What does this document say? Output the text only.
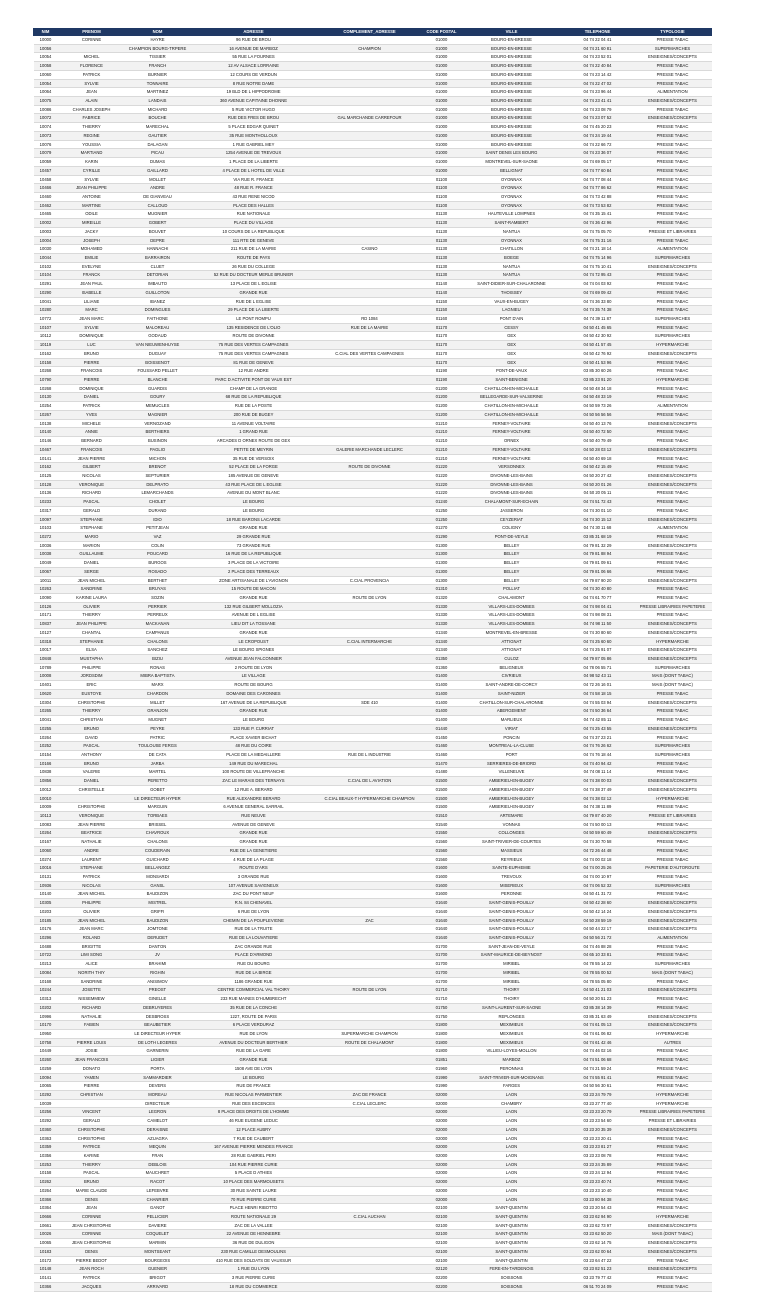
NIM	PRENOM	NOM	ADRESSE	COMPLEMENT_ADRESSE	CODE POSTAL	VILLE	TELEPHONE	TYPOLOGIE
10000	CORINNE	HAYRE	96 RUE DE BROU		01000	BOURG-EN-BRESSE	04 74 22 04 41	PRESSE TABAC
10056		CHAMPION BOURG-TRPERE	16 AVENUE DE MARBOZ	CHAMPION	01000	BOURG-EN-BRESSE	04 74 21 60 81	SUPERMARCHES
10054	MICHEL	TISSIER	55 RUE LA FOURNES		01000	BOURG-EN-BRESSE	04 74 23 52 01	ENSEIGNES/CONCEPTS
10058	FLORENCE	FRANCH	12 AV ALSACE LORRAINE		01000	BOURG-EN-BRESSE	04 74 22 40 84	PRESSE TABAC
10060	PATRICK	BURNIER	12 COURS DE VERDUN		01000	BOURG-EN-BRESSE	04 74 23 14 42	PRESSE TABAC
10054	SYLVIE	TONNAIRE	8 RUE NOTRE DAME		01000	BOURG-EN-BRESSE	04 74 22 47 02	PRESSE TABAC
10064	JEAN	MARTINEZ	19 BLD DE L HIPPODROME		01000	BOURG-EN-BRESSE	04 74 23 96 44	ALIMENTATION
10075	ALAIN	LANDAIS	360 AVENUE CAPITAINE DHONNE		01000	BOURG-EN-BRESSE	04 74 23 41 41	ENSEIGNES/CONCEPTS
10086	CHARLES JOSEPH	MICHARD	5 RUE VICTOR HUGO		01000	BOURG-EN-BRESSE	04 74 23 08 79	PRESSE TABAC
10072	FABRICE	BOUCHE	RUE DES FRES DE BROU	GAL MARCHANDE CARREFOUR	01000	BOURG-EN-BRESSE	04 74 23 07 52	ENSEIGNES/CONCEPTS
10074	THIERRY	MARECHAL	5 PLACE EDGAR QUINET		01000	BOURG-EN-BRESSE	04 74 45 20 23	PRESSE TABAC
10073	REGINE	GAUTIER	35 RUE MONTHOLLOUX		01000	BOURG-EN-BRESSE	04 74 24 19 44	PRESSE TABAC
10076	YOUSSIA	DALAGAN	1 RUE GABRIEL MEY		01000	BOURG-EN-BRESSE	04 74 22 66 72	PRESSE TABAC
10079	MARTIAND	PICAU	1254 AVENUE DE TREVOUX		01000	SAINT DENIS LES BOURG	04 74 23 36 07	PRESSE TABAC
10059	KARIN	DUMAS	1 PLACE DE LA LIBERTE		01000	MONTREVEL-SUR-SAONE	04 74 69 05 17	PRESSE TABAC
10457	CYRILLE	GAILLARD	4 PLACE DE L HOTEL DE VILLE		01000	BELLIGNAT	04 74 77 60 84	PRESSE TABAC
10458	SYLVIE	MOLLET	VIA RUE R. FRANCE		01100	OYONNAX	04 74 77 08 44	PRESSE TABAC
10466	JEAN PHILIPPE	ANDRE	48 RUE R. FRANCE		01100	OYONNAX	04 74 77 86 62	PRESSE TABAC
10460	ANTOINE	DE GIANVEAU	43 RUE RENE NICOD		01100	OYONNAX	04 74 73 42 88	PRESSE TABAC
10462	MARTINE	CALLOUD	PLACE DES HALLES		01100	OYONNAX	04 74 73 53 82	PRESSE TABAC
10465	ODILE	MUGNIER	RUE NATIONALE		01130	HAUTEVILLE LOMPNES	04 74 35 15 41	PRESSE TABAC
10002	MIREILLE	GOBERT	PLACE DU VILLAGE		01130	SAINT-RAMBERT	04 74 36 42 96	PRESSE TABAC
10003	JACKY	BOUVET	10 COURS DE LA REPUBLIQUE		01130	NANTUA	04 74 75 05 70	PRESSE ET LIBRAIRIES
10004	JOSEPH	DEPRE	111 RTE DE GENEVE		01130	OYONNAX	04 74 75 31 16	PRESSE TABAC
10030	MOHAMED	HANNACHI	211 RUE DE LA MAIRIE	CASINO	01130	CHATILLON	04 74 21 18 14	ALIMENTATION
10044	EMILIE	BARRAIRON	ROUTE DE PAYS		01130	BOEGE	04 74 75 14 96	SUPERMARCHES
10102	EVELYNE	CLUET	26 RUE DU COLLEGE		01130	NANTUA	04 74 75 10 41	ENSEIGNES/CONCEPTS
10104	FRANCK	DETORIAN	52 RUE DU DOCTEUR MERLE BRUNIER		01130	NANTUA	04 74 72 95 43	PRESSE TABAC
10291	JEAN PAUL	IMBAUTO	13 PLACE DE L EGLISE		01140	SAINT-DIDIER-SUR-CHALARONNE	04 74 04 03 92	PRESSE TABAC
10290	ISABELLE	GUILLOTON	GRANDE RUE		01140	THOISSEY	04 74 69 09 42	PRESSE TABAC
10041	LILIANE	IBANEZ	RUE DE L EGLISE		01150	VAUX-EN-BUGEY	04 74 36 33 80	PRESSE TABAC
10280	MARC	DOMINGUES	29 PLACE DE LA LIBERTE		01150	LAGNIEU	04 74 35 74 38	PRESSE TABAC
10772	JEAN MARC	FAITHONE	LE PONT ROMPU	RD 1084	01160	PONT D'AIN	04 74 39 11 87	SUPERMARCHES
10107	SYLVIE	MALOREAU	135 RESIDENCE DE L'OLIO	RUE DE LA MAIRIE	01170	CESSY	04 50 41 45 65	PRESSE TABAC
10112	DOMINIQUE	GODAUD	ROUTE DE DIVONNE		01170	GEX	04 50 42 30 92	SUPERMARCHES
10119	LUC	VAN NIEUWENHUYSE	75 RUE DES VERTES CAMPAGNES		01170	GEX	04 50 41 57 45	HYPERMARCHE
10162	BRUNO	DUGUAY	75 RUE DES VERTES CAMPAGNES	C.CIAL DES VERTES CAMPAGNES	01170	GEX	04 50 42 76 92	ENSEIGNES/CONCEPTS
10158	PIERRE	BOISSENOT	81 RUE DE GENEVE		01170	GEX	04 50 41 53 96	PRESSE TABAC
10268	FRANCOIS	FOUSSARD PELLET	12 RUE ANDRE		01190	PONT-DE-VAUX	03 85 30 60 26	PRESSE TABAC
10790	PIERRE	BLANCHE	PARC D ACTIVITE PONT DE VAUX EST		01190	SAINT-BENIGNE	03 85 23 91 20	HYPERMARCHE
10268	DOMINIQUE	GUARDIS	CHAMP DE LA GRANGE		01200	CHATILLON-EN-MICHAILLE	04 50 48 34 18	PRESSE TABAC
10130	DANIEL	GOURY	68 RUE DE LA REPUBLIQUE		01200	BELLEGARDE-SUR-VALSERINE	04 50 48 33 19	PRESSE TABAC
10254	PATRICK	MEMUCLES	RUE DE LA POSTE		01200	CHATILLON-EN-MICHAILLE	04 50 59 73 26	ALIMENTATION
10267	YVES	MAGNIER	200 RUE DE BUGEY		01200	CHATILLON-EN-MICHAILLE	04 50 56 56 56	PRESSE TABAC
10138	MICHELE	VERNOZAND	11 AVENUE VOLTAIRE		01210	FERNEY-VOLTAIRE	04 50 40 13 76	ENSEIGNES/CONCEPTS
10140	ANNIE	BERTHIERS	1 GRAND RUE		01210	FERNEY-VOLTAIRE	04 50 40 72 50	PRESSE TABAC
10146	BERNARD	BUSINON	ARCADES D ORNEX ROUTE DE GEX		01210	ORNEX	04 50 40 79 49	PRESSE TABAC
10467	FRANCOIS	PAGLIO	PETITE DE MEYRIN	GALERIE MARCHANDE LECLERC	01210	FERNEY-VOLTAIRE	04 50 28 03 12	ENSEIGNES/CONCEPTS
10141	JEAN PIERRE	MICHON	35 RUE DE VERSOIX		01210	FERNEY-VOLTAIRE	04 50 40 69 18	PRESSE TABAC
10162	GILBERT	BRENOT	52 PLACE DE LA FORGE	ROUTE DE DIVONNE	01220	VERSONNEX	04 50 42 15 49	PRESSE TABAC
10125	NICOLAS	SEPTURIER	185 AVENUE DE GENEVE		01220	DIVONNE-LES-BAINS	04 50 20 27 42	ENSEIGNES/CONCEPTS
10128	VERONIQUE	DELPRATO	43 RUE PLACE DE L EGLISE		01220	DIVONNE-LES-BAINS	04 50 20 01 26	ENSEIGNES/CONCEPTS
10136	RICHARD	LEMARCHANDS	AVENUE DU MONT BLANC		01220	DIVONNE-LES-BAINS	04 50 20 05 11	PRESSE TABAC
10233	PASCAL	CHOLET	LE BOURG		01240	CHALAMONT-SUR-ECHAIN	04 74 51 72 43	PRESSE TABAC
10317	GERALD	DURAND	LE BOURG		01250	JASSERON	04 74 30 01 10	PRESSE TABAC
10097	STEPHANE	IDIO	18 RUE BARONS LACARDE		01250	CEYZERIAT	04 74 30 15 12	ENSEIGNES/CONCEPTS
10103	STEPHANE	PETITJEAN	GRANDE RUE		01270	COLIGNY	04 74 30 11 68	ALIMENTATION
10272	MARIO	VAZ	29 GRANDE RUE		01290	PONT-DE-VEYLE	03 85 31 68 19	PRESSE TABAC
10036	MARION	COLIN	73 GRANDE RUE		01300	BELLEY	04 79 81 32 29	ENSEIGNES/CONCEPTS
10038	GUILLAUME	POUCARD	16 RUE DE LA REPUBLIQUE		01300	BELLEY	04 79 81 88 94	PRESSE TABAC
10049	DANIEL	BURGOS	3 PLACE DE LA VICTOIRE		01300	BELLEY	04 79 81 09 61	PRESSE TABAC
10067	SERGE	ROSADO	2 PLACE DES TERREAUX		01300	BELLEY	04 79 81 06 66	PRESSE TABAC
10011	JEAN MICHEL	BERTHET	ZONE ARTISANALE DE L'AVIGNON	C.CIAL PROVENCIA	01300	BELLEY	04 79 87 90 20	ENSEIGNES/CONCEPTS
10263	SANDRINE	BRUYAS	15 ROUTE DE MACON		01310	POLLIAT	04 74 30 40 80	PRESSE TABAC
10090	KARINE LAURA	SOZIN	GRANDE RUE	ROUTE DE LYON	01320	CHALAMONT	04 74 61 70 77	PRESSE TABAC
10126	OLIVIER	PERRIER	132 RUE GILBERT MOLLOZIA		01330	VILLARS-LES-DOMBES	04 74 98 04 41	PRESSE LIBRAIRIES PAPETERIE
10171	THIERRY	PERREUX	AVENUE DE L EGLISE		01330	VILLARS-LES-DOMBES	04 74 98 08 31	PRESSE TABAC
10837	JEAN PHILIPPE	MACKANAN	LIEU DIT LA TOSSANE		01330	VILLARS-LES-DOMBES	04 74 98 11 50	ENSEIGNES/CONCEPTS
10127	CHANTAL	CAMPANUS	GRANDE RUE		01340	MONTREVEL-EN-BRESSE	04 74 30 80 60	ENSEIGNES/CONCEPTS
10318	STEPHANIE	CHALONS	LE CROPOUST	C.CIAL INTERMARCHE	01340	ATTIGNAT	04 74 25 60 60	HYPERMARCHE
10017	ELSA	SANCHEZ	LE BOURG SPIGNES		01340	ATTIGNAT	04 74 25 91 07	ENSEIGNES/CONCEPTS
10848	MUSTAPHA	BIZIU	AVENUE JEAN FALCONNIER		01350	CULOZ	04 79 87 05 86	ENSEIGNES/CONCEPTS
10789	PHILIPPE	RONAS	2 ROUTE DE LYON		01360	BELIGNEUX	04 78 06 55 71	SUPERMARCHES
10008	JORDSDIM	MIBRA BAPTISTA	LE VILLAGE		01400	CIVRIEUX	04 98 52 43 11	MAIS (DONT TABAC)
10401	ERIC	MARX	ROUTE DE BOURG		01400	SAINT-ANDRE-DE-CORCY	04 72 26 16 01	MAIS (DONT TABAC)
10620	EUSTOYE	CHARDON	DOMAINE DES CARONNES		01400	SAINT-NIZIER	04 74 58 18 15	PRESSE TABAC
10304	CHRISTOPHE	MILLET	167 AVENUE DE LA REPUBLIQUE	SDE 410	01400	CHATILLON-SUR-CHALARONNE	04 74 55 03 94	ENSEIGNES/CONCEPTS
10265	THIERRY	GRANJON	GRANDE RUE		01400	ABERGEMENT	04 74 50 36 64	PRESSE TABAC
10041	CHRISTIAN	MUGNET	LE BOURG		01400	MARLIEUX	04 74 42 85 11	PRESSE TABAC
10255	BRUNO	PEYRE	133 RUE P. CURRIAT		01440	VIRIAT	04 74 25 43 55	ENSEIGNES/CONCEPTS
10264	DAVID	PATRIC	PLACE XAVIER BICHAT		01450	PONCIN	04 74 37 23 21	PRESSE TABAC
10252	PASCAL	TOULOUSE FERGS	48 RUE DU COIRE		01460	MONTREAL-LA-CLUSE	04 74 76 26 62	SUPERMARCHES
10154	ANTHONY	DE CATA	PLACE DE LA MEDAILLERE	RUE DE L INDUSTRIE	01460	PORT	04 74 76 18 44	SUPERMARCHES
10166	BRUNO	JARBA	149 RUE DU MARECHAL		01470	SERRIERES-DE-BRIORD	04 74 40 94 42	PRESSE TABAC
10838	VALERIE	MARTEL	100 ROUTE DE VILLEFRANCHE		01480	VILLENEUVE	04 74 08 11 14	PRESSE TABAC
10856	DANIEL	PERETTO	ZAC LE MARAIS DES TERNAYS	C.CIAL DE L AVIATION	01500	AMBERIEU-EN-BUGEY	04 74 38 00 03	ENSEIGNES/CONCEPTS
10012	CHRISTELLE	GOBET	12 RUE A. BERARD		01500	AMBERIEU-EN-BUGEY	04 74 38 37 49	ENSEIGNES/CONCEPTS
10010		LE DIRECTEUR HYPER	RUE ALEXANDRE BERARD	C.CIAL BEAUX-T HYPERMARCHE CHAMPION	01500	AMBERIEU-EN-BUGEY	04 74 38 02 12	HYPERMARCHE
10009	CHRISTOPHE	MARGUIN	6 AVENUE GENERAL SARRAIL		01500	AMBERIEU-EN-BUGEY	04 74 38 11 89	PRESSE TABAC
10113	VERONIQUE	TORBAES	RUE NEUVE		01510	ARTEMARE	04 79 87 40 20	PRESSE ET LIBRAIRIES
10083	JEAN PIERRE	BRISSEL	AVENUE DE GENEVE		01540	VONNAS	04 74 50 00 13	PRESSE TABAC
10264	BEATRICE	CHAVROUX	GRANDE RUE		01550	COLLONGES	04 50 59 60 49	ENSEIGNES/CONCEPTS
10167	NATHALIE	CHALONS	GRANDE RUE		01560	SAINT-TRIVIER-DE-COURTES	04 74 30 70 58	PRESSE TABAC
10060	ANDRE	COUDERAIN	RUE DE LA GENETIERE		01560	MASSIEUX	04 72 26 44 48	PRESSE TABAC
10274	LAURENT	GUICHARD	4 RUE DE LA PLAGE		01560	REYRIEUX	04 74 00 02 18	PRESSE TABAC
10016	STEPHANE	BELLANGEZ	ROUTE D'ARS		01600	SAINTE-EUPHEMIE	04 74 00 25 26	PAPETERIE D'AUTOROUTE
10131	PATRICK	MONSARDI	3 GRANDE RUE		01600	TREVOUX	04 74 00 10 97	PRESSE TABAC
10936	NICOLAS	GANSL	107 AVENUE SAVIGNEUX		01600	MISERIEUX	04 74 06 52 32	SUPERMARCHES
10140	JEAN MICHEL	BAUDIZON	ZAC DU PONT NEUF		01600	PERONNE	04 50 41 31 72	PRESSE TABAC
10305	PHILIPPE	MISTREL	R.N. 84 CHENAVEL		01640	SAINT-GENIS-POUILLY	04 50 42 28 60	ENSEIGNES/CONCEPTS
10203	OLIVIER	GRIFFI	6 RUE DE LYON		01640	SAINT-GENIS-POUILLY	04 50 42 14 24	ENSEIGNES/CONCEPTS
10185	JEAN MICHEL	BAUDIZON	CHEMIN DE LA POUPLEVIGNE	ZAC	01640	SAINT-GENIS-POUILLY	04 50 28 59 19	ENSEIGNES/CONCEPTS
10176	JEAN MARC	JOMTONE	RUE DE LA TRUITE		01640	SAINT-GENIS-POUILLY	04 50 44 22 17	ENSEIGNES/CONCEPTS
10296	ROLAND	DERUDET	RUE DE LA LOUVATIERE		01640	SAINT-GENIS-POUILLY	04 50 56 21 72	ALIMENTATION
10488	BRIGITTE	DANTON	ZAC GRANDE RUE		01700	SAINT-JEAN-DE-VEYLE	04 74 46 88 28	PRESSE TABAC
10722	LIMI SONG	JV	PLACE D'ARMOND		01700	SAINT-MAURICE-DE-BEYNOST	04 65 10 33 81	PRESSE TABAC
10213	ALICE	BRAHIMI	RUE DU BOURG		01700	MIRIBEL	04 78 55 14 22	SUPERMARCHES
10084	NORITH THIY	RIGHIN	RUE DE LA BIRGE		01700	MIRIBEL	04 78 55 00 52	MAIS (DONT TABAC)
10168	SANDRINE	ANISIMOV	1186 GRANDE RUE		01700	MIRIBEL	04 78 55 05 80	PRESSE TABAC
10244	JOSETTE	PREOST	CENTRE COMMERCIAL VAL THOIRY	ROUTE DE LYON	01710	THOIRY	04 50 41 21 03	ENSEIGNES/CONCEPTS
10313	NISSEMMEW	GINELLE	233 RUE MAINES D'HUMBRECHT		01710	THOIRY	04 50 20 51 23	PRESSE TABAC
10202	RICHARD	DEBRUYERES	35 RUE DE LA CONCHE		01750	SAINT-LAURENT-SUR-SAONE	03 85 38 14 39	PRESSE TABAC
10996	NATHALIE	DESBROSS	1227, ROUTE DE PARIS		01750	REPLONGES	03 85 31 63 49	ENSEIGNES/CONCEPTS
10170	FABIEN	BEAUBETIER	6 PLACE VERDURAZ		01800	MEXIMIEUX	04 74 61 05 13	ENSEIGNES/CONCEPTS
10950		LE DIRECTEUR HYPER	RUE DE LYON	SUPERMARCHE CHAMPION	01800	MEXIMIEUX	04 74 61 06 82	HYPERMARCHE
10758	PIERRE LOUIS	DE LOTH LEGERES	AVENUE DU DOCTEUR BERTHIER	ROUTE DE CHALAMONT	01800	MEXIMIEUX	04 74 61 42 46	AUTRES
10449	JOSIE	GARNERIN	RUE DE LA GARE		01800	VILLIEU-LOYES-MOLLON	04 74 46 02 16	PRESSE TABAC
10260	JEAN FRANCOIS	LIGIER	GRANDE RUE		01851	MARBOZ	04 74 51 06 68	PRESSE TABAC
10259	DONATO	PORTA	1508 AVE DE LYON		01960	PERONNAS	04 74 21 59 24	PRESSE TABAC
10094	YAMEN	SAMMARDIER	LE BOURG		01990	SAINT-TRIVIER-SUR-MOIGNANS	04 74 55 91 41	PRESSE TABAC
10065	PIERRE	DEVERS	RUE DE FRANCE		01990	FARGES	04 50 56 30 61	PRESSE TABAC
10292	CHRISTIAN	MOREAU	RUE NICOLAS PARMENTIER	ZAC DE FRANCE	02000	LAON	03 23 24 79 79	HYPERMARCHE
10039		DIRECTEUR	RUE DES ESCENCES	C.CIAL LECLERC	02000	CHAMBRY	03 23 27 77 40	HYPERMARCHE
10256	VINCENT	LEGRON	8 PLACE DES DROITS DE L'HOMME		02000	LAON	03 23 23 20 79	PRESSE LIBRAIRIES PAPETERIE
10292	GERALD	CAMELOT	46 RUE EUGENE LEDUC		02000	LAON	03 23 23 54 60	PRESSE ET LIBRAIRIES
10360	CHRISTOPHE	DERAISNE	12 PLACE AUBRY		02000	LAON	03 23 20 35 39	ENSEIGNES/CONCEPTS
10363	CHRISTOPHE	AZUAGRA	7 RUE DE CAUBERT		02000	LAON	03 23 23 20 41	PRESSE TABAC
10359	PATRICE	MEQUIN	167 AVENUE PIERRE MENDES FRANCE		02000	LAON	03 23 23 81 27	PRESSE TABAC
10356	KARINE	FRAN	28 RUE GABRIEL PERI		02000	LAON	03 23 23 08 78	PRESSE TABAC
10253	THIERRY	DEBLOIS	104 RUE PIERRE CURIE		02000	LAON	03 23 24 35 89	PRESSE TABAC
10158	PASCAL	MAUCHRET	5 PLACE D ATHIES		02000	LAON	03 23 24 12 94	PRESSE TABAC
10262	BRUNO	RACOT	10 PLACE DES MARMOUSETS		02000	LAON	03 23 23 40 74	PRESSE TABAC
10264	MARIE CLAUDE	LEFEBVRE	30 RUE SAINTE LAURE		02000	LAON	03 23 23 10 40	PRESSE TABAC
10366	DENIS	CHANRIER	70 RUE PIERRE CURIE		02000	LAON	03 23 80 94 38	PRESSE TABAC
10364	JEAN	GANOT	PLACE HENRI RIBOTTO		02100	SAINT-QUENTIN	03 23 20 54 43	PRESSE TABAC
10666	CORINNE	PELLICIER	ROUTE NATIONALE 29	C.CIAL AUCHAN	02100	SAINT-QUENTIN	03 23 62 94 90	HYPERMARCHE
10661	JEAN CHRISTOPHE	DAVIERE	ZAC DE LA VALLEE		02100	SAINT-QUENTIN	03 23 62 73 97	ENSEIGNES/CONCEPTS
10026	CORINNE	COQUELET	22 AVENUE DE HENNEBRE		02100	SAINT-QUENTIN	03 23 62 50 20	MAIS (DONT TABAC)
10065	JEAN CHRISTOPHE	MARMIN	36 RUE DE DULIGON		02100	SAINT-QUENTIN	03 23 62 14 75	ENSEIGNES/CONCEPTS
10183	DENIS	MONTSEANT	230 RUE CAMILLE DESMOULINS		02100	SAINT-QUENTIN	03 23 62 00 64	ENSEIGNES/CONCEPTS
10172	PIERRE BEDOT	BOURGEOIS	410 RUE DES SOLDATS DE VAUXSUR		02100	SAINT-QUENTIN	03 23 64 47 22	PRESSE TABAC
10148	JEAN ROCH	GUENIER	1 RUE DU LYON		02120	FERE-EN-TARDENOIS	03 23 82 51 23	ENSEIGNES/CONCEPTS
10141	PATRICK	BRIGOT	3 RUE PIERRE CURIE		02200	SOISSONS	03 23 79 77 42	PRESSE TABAC
10366	JACQUES	ARRIVARD	18 RUE DU COMMERCE		02200	SOISSONS	06 51 70 24 09	PRESSE TABAC
